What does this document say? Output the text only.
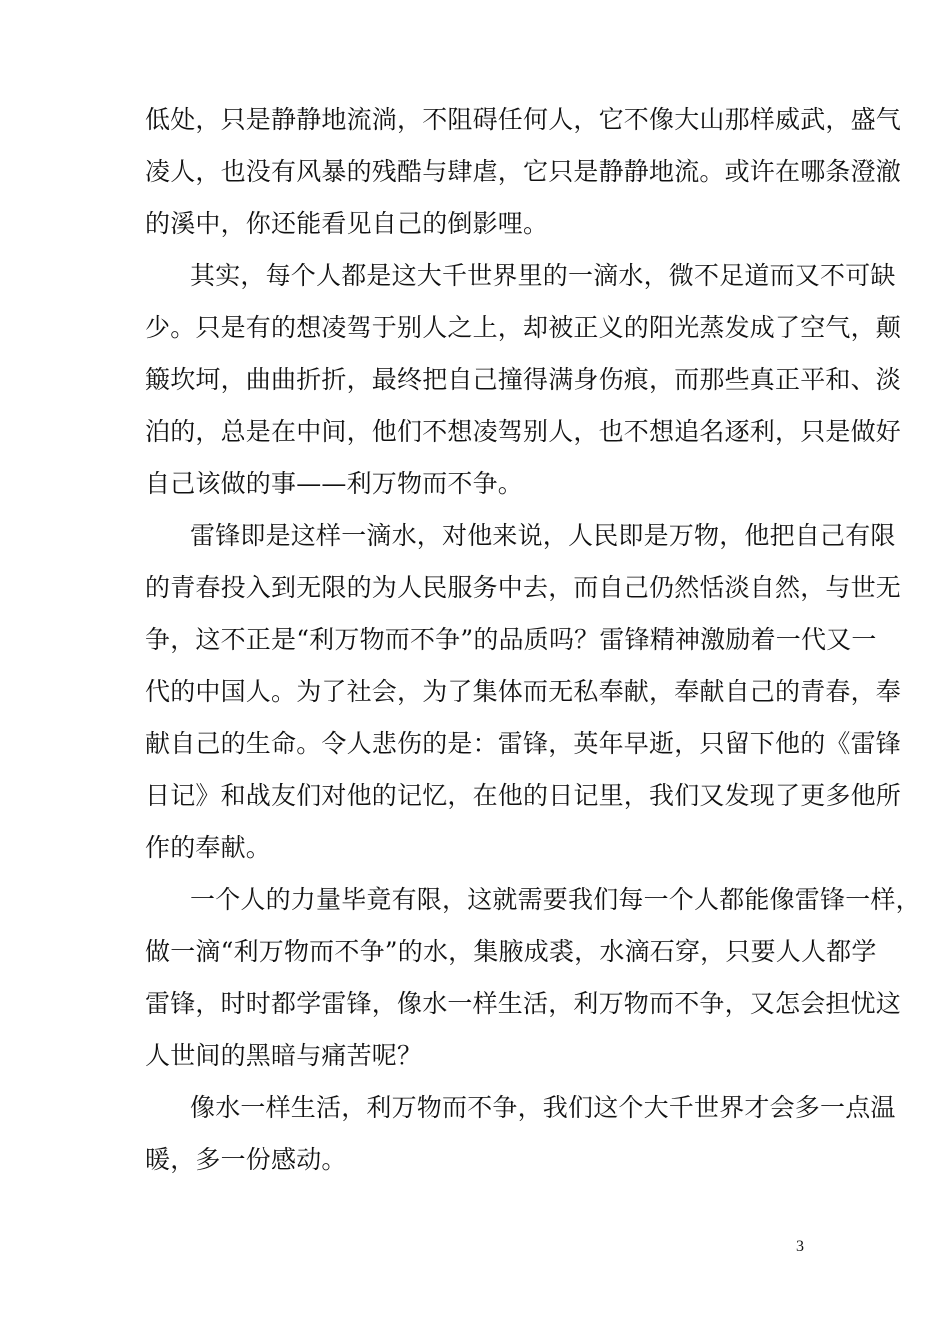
低处，只是静静地流淌，不阻碍任何人，它不像大山那样威武，盛气
凌人，也没有风暴的残酷与肆虐，它只是静静地流。或许在哪条澄澈
的溪中，你还能看见自己的倒影哩。
其实，每个人都是这大千世界里的一滴水，微不足道而又不可缺
少。只是有的想凌驾于别人之上，却被正义的阳光蒸发成了空气，颠
簸坎坷，曲曲折折，最终把自己撞得满身伤痕，而那些真正平和、淡
泊的，总是在中间，他们不想凌驾别人，也不想追名逐利，只是做好
自己该做的事——利万物而不争。
雷锋即是这样一滴水，对他来说，人民即是万物，他把自己有限
的青春投入到无限的为人民服务中去，而自己仍然恬淡自然，与世无
争，这不正是“利万物而不争”的品质吗？雷锋精神激励着一代又一
代的中国人。为了社会，为了集体而无私奉献，奉献自己的青春，奉
献自己的生命。令人悲伤的是：雷锋，英年早逝，只留下他的《雷锋
日记》和战友们对他的记忆，在他的日记里，我们又发现了更多他所
作的奉献。
一个人的力量毕竟有限，这就需要我们每一个人都能像雷锋一样，
做一滴“利万物而不争”的水，集腋成裘，水滴石穿，只要人人都学
雷锋，时时都学雷锋，像水一样生活，利万物而不争，又怎会担忧这
人世间的黑暗与痛苦呢？
像水一样生活，利万物而不争，我们这个大千世界才会多一点温
暖，多一份感动。
3
